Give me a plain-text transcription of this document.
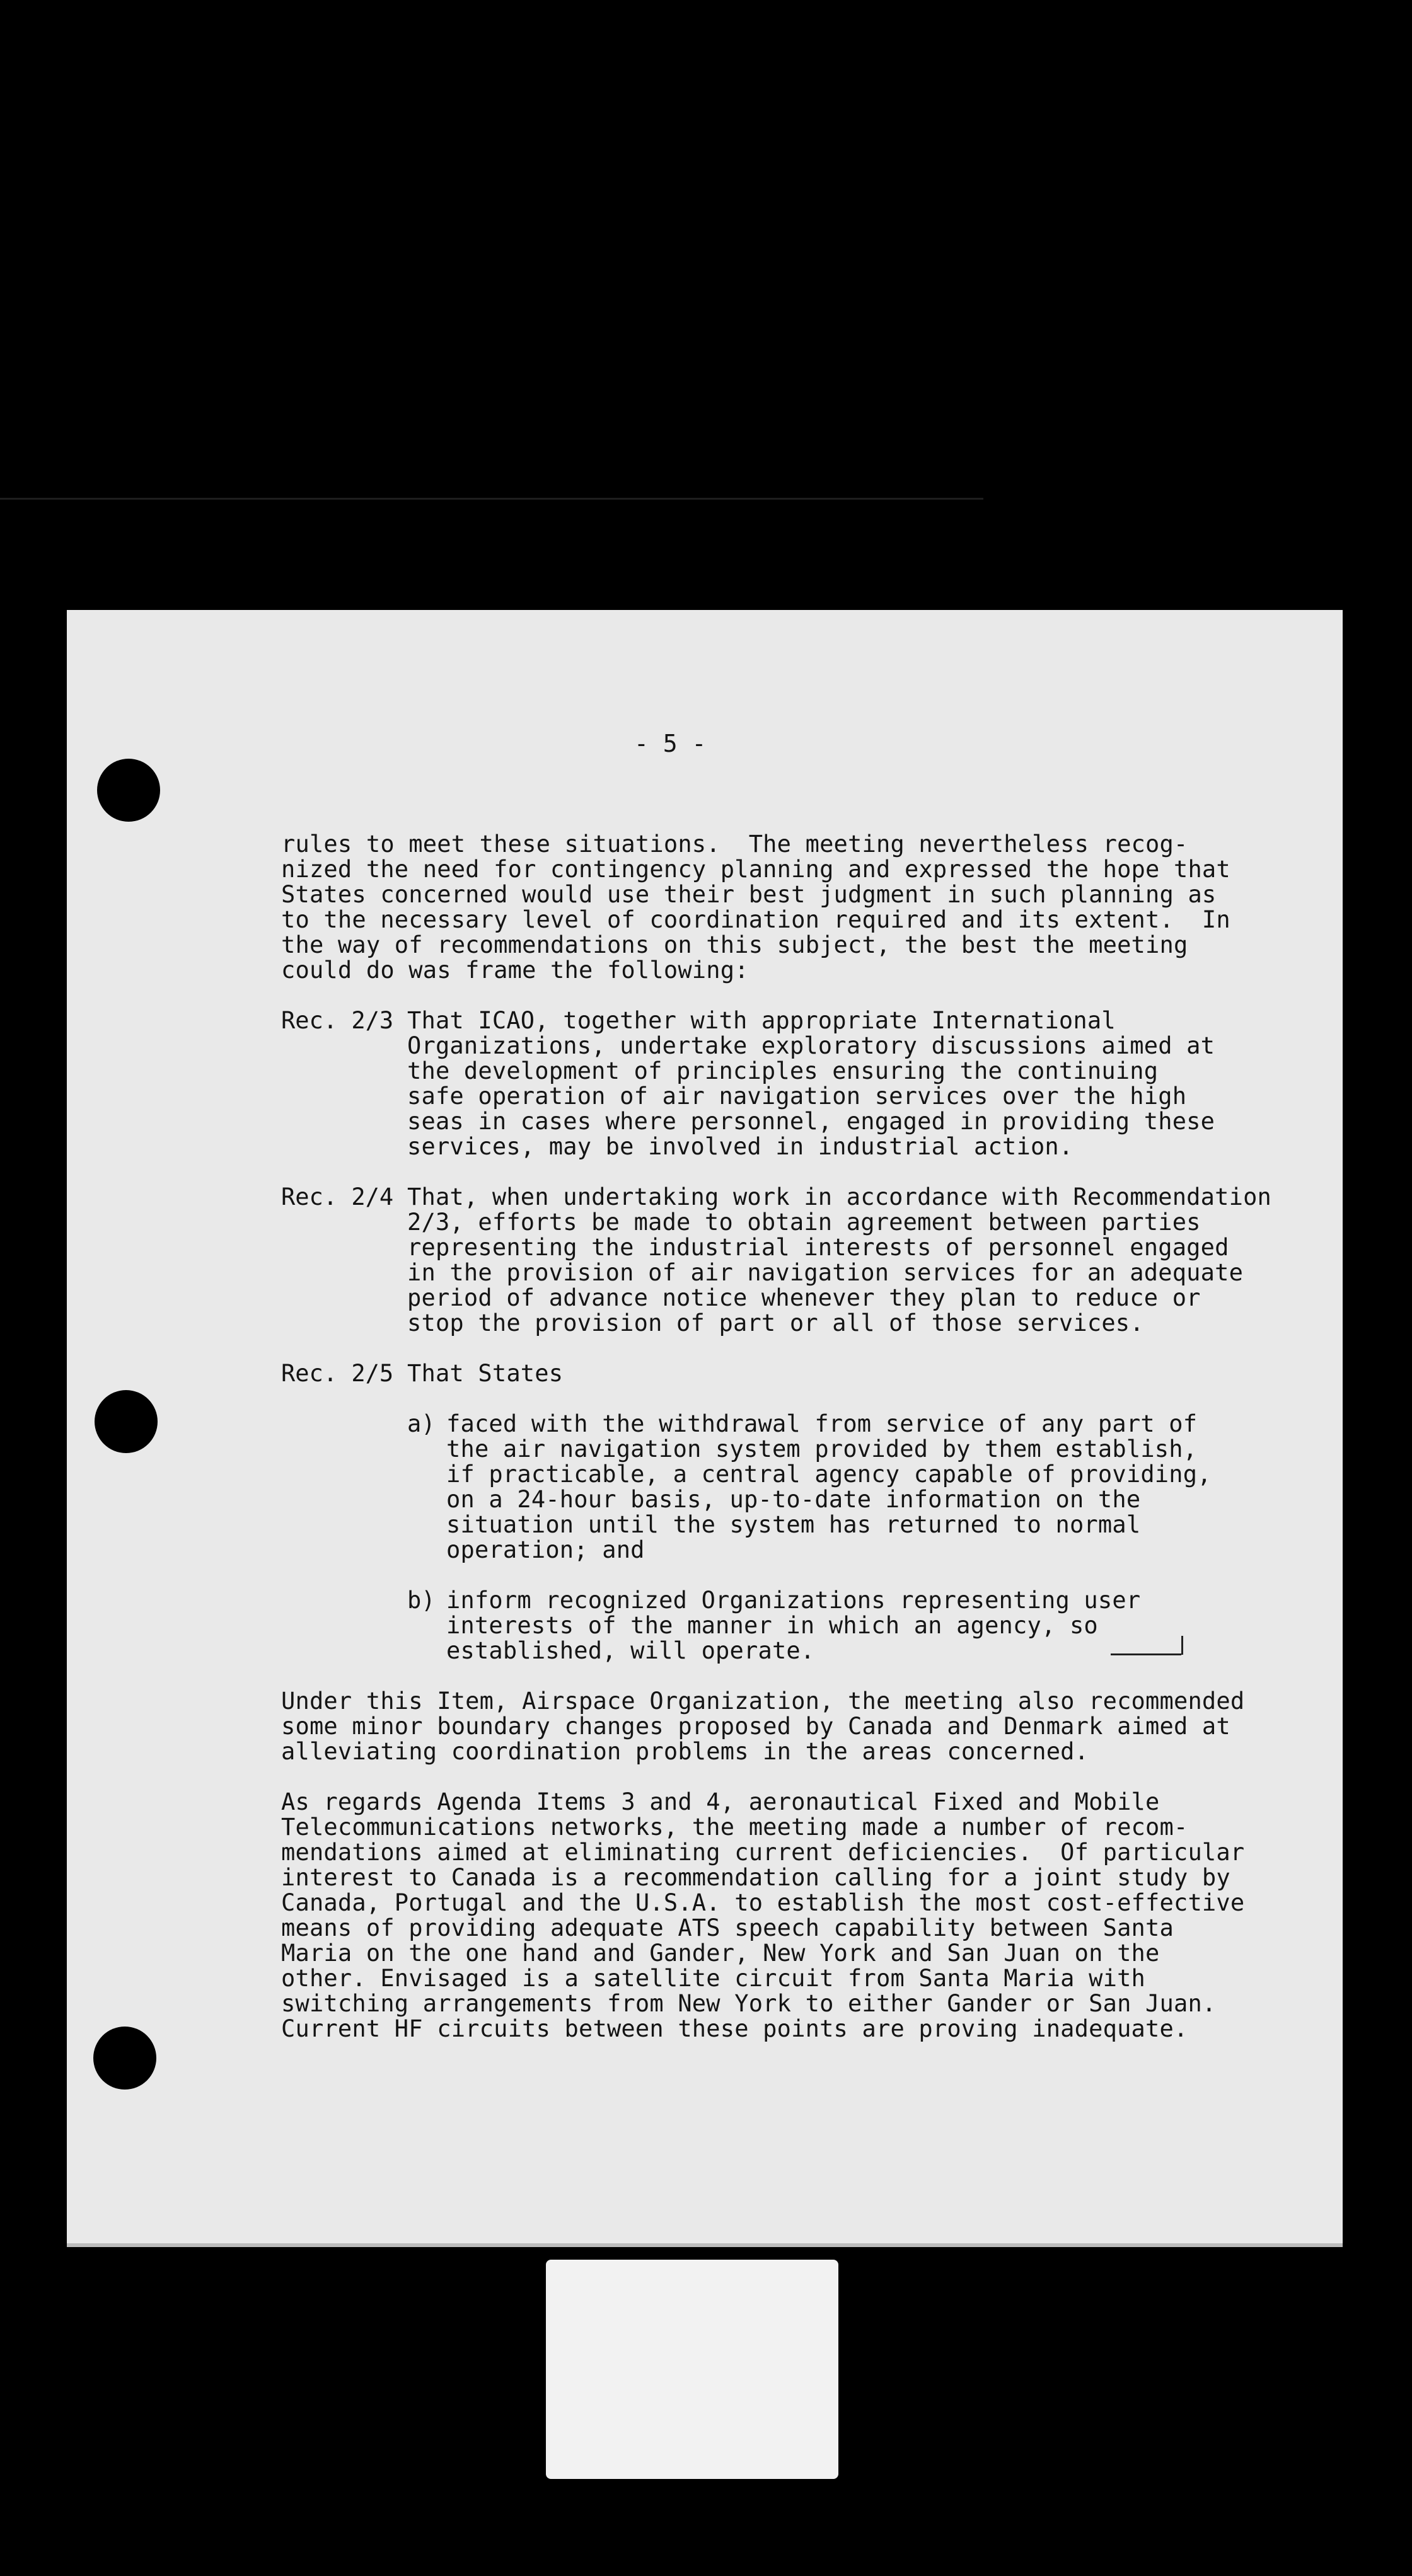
- 5 -
rules to meet these situations.  The meeting nevertheless recog-
nized the need for contingency planning and expressed the hope that
States concerned would use their best judgment in such planning as
to the necessary level of coordination required and its extent.  In
the way of recommendations on this subject, the best the meeting
could do was frame the following:
Rec. 2/3 That ICAO, together with appropriate International
Organizations, undertake exploratory discussions aimed at
the development of principles ensuring the continuing
safe operation of air navigation services over the high
seas in cases where personnel, engaged in providing these
services, may be involved in industrial action.
Rec. 2/4 That, when undertaking work in accordance with Recommendation
2/3, efforts be made to obtain agreement between parties
representing the industrial interests of personnel engaged
in the provision of air navigation services for an adequate
period of advance notice whenever they plan to reduce or
stop the provision of part or all of those services.
Rec. 2/5 That States
a) faced with the withdrawal from service of any part of
the air navigation system provided by them establish,
if practicable, a central agency capable of providing,
on a 24-hour basis, up-to-date information on the
situation until the system has returned to normal
operation; and
b) inform recognized Organizations representing user
interests of the manner in which an agency, so
established, will operate.
Under this Item, Airspace Organization, the meeting also recommended
some minor boundary changes proposed by Canada and Denmark aimed at
alleviating coordination problems in the areas concerned.
As regards Agenda Items 3 and 4, aeronautical Fixed and Mobile
Telecommunications networks, the meeting made a number of recom-
mendations aimed at eliminating current deficiencies.  Of particular
interest to Canada is a recommendation calling for a joint study by
Canada, Portugal and the U.S.A. to establish the most cost-effective
means of providing adequate ATS speech capability between Santa
Maria on the one hand and Gander, New York and San Juan on the
other. Envisaged is a satellite circuit from Santa Maria with
switching arrangements from New York to either Gander or San Juan.
Current HF circuits between these points are proving inadequate.
